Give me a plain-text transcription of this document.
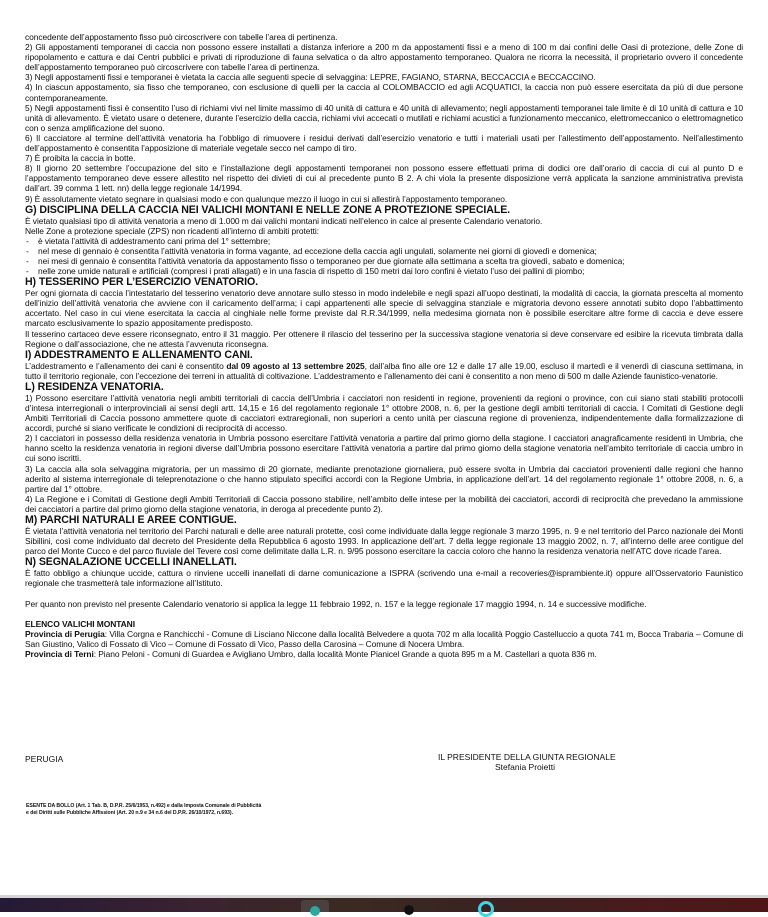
concedente dell’appostamento fisso può circoscrivere con tabelle l’area di pertinenza.

2) Gli appostamenti temporanei di caccia non possono essere installati a distanza inferiore a 200 m da appostamenti fissi e a meno di 100 m dai confini delle Oasi di protezione, delle Zone di ripopolamento e cattura e dai Centri pubblici e privati di riproduzione di fauna selvatica o da altro appostamento temporaneo. Qualora ne ricorra la necessità, il proprietario ovvero il concedente dell’appostamento temporaneo può circoscrivere con tabelle l’area di pertinenza.

3) Negli appostamenti fissi e temporanei è vietata la caccia alle seguenti specie di selvaggina: LEPRE, FAGIANO, STARNA, BECCACCIA e BECCACCINO.

4) In ciascun appostamento, sia fisso che temporaneo, con esclusione di quelli per la caccia al COLOMBACCIO ed agli ACQUATICI, la caccia non può essere esercitata da più di due persone contemporaneamente.

5) Negli appostamenti fissi è consentito l’uso di richiami vivi nel limite massimo di 40 unità di cattura e 40 unità di allevamento; negli appostamenti temporanei tale limite è di 10 unità di cattura e 10 unità di allevamento. È vietato usare o detenere, durante l’esercizio della caccia, richiami vivi accecati o mutilati e richiami acustici a funzionamento meccanico, elettromeccanico o elettromagnetico con o senza amplificazione del suono.

6) Il cacciatore al termine dell’attività venatoria ha l’obbligo di rimuovere i residui derivati dall’esercizio venatorio e tutti i materiali usati per l’allestimento dell’appostamento. Nell’allestimento dell’appostamento è consentita l’apposizione di materiale vegetale secco nel campo di tiro.

7) È proibita la caccia in botte.

8) Il giorno 20 settembre l’occupazione del sito e l’installazione degli appostamenti temporanei non possono essere effettuati prima di dodici ore dall’orario di caccia di cui al punto D e l’appostamento temporaneo deve essere allestito nel rispetto dei divieti di cui al precedente punto B 2. A chi viola la presente disposizione verrà applicata la sanzione amministrativa prevista dall’art. 39 comma 1 lett. nn) della legge regionale 14/1994.

9) È assolutamente vietato segnare in qualsiasi modo e con qualunque mezzo il luogo in cui si allestirà l’appostamento temporaneo.

G) DISCIPLINA DELLA CACCIA NEI VALICHI MONTANI E NELLE ZONE A PROTEZIONE SPECIALE.

È vietato qualsiasi tipo di attività venatoria a meno di 1.000 m dai valichi montani indicati nell’elenco in calce al presente Calendario venatorio.

Nelle Zone a protezione speciale (ZPS) non ricadenti all’interno di ambiti protetti:

- è vietata l’attività di addestramento cani prima del 1° settembre;
- nel mese di gennaio è consentita l’attività venatoria in forma vagante, ad eccezione della caccia agli ungulati, solamente nei giorni di giovedì e domenica;
- nei mesi di gennaio è consentita l’attività venatoria da appostamento fisso o temporaneo per due giornate alla settimana a scelta tra giovedì, sabato e domenica;
- nelle zone umide naturali e artificiali (compresi i prati allagati) e in una fascia di rispetto di 150 metri dai loro confini è vietato l’uso dei pallini di piombo;
H) TESSERINO PER L’ESERCIZIO VENATORIO.

Per ogni giornata di caccia l’intestatario del tesserino venatorio deve annotare sullo stesso in modo indelebile e negli spazi all’uopo destinati, la modalità di caccia, la giornata prescelta al momento dell’inizio dell’attività venatoria che avviene con il caricamento dell’arma; i capi appartenenti alle specie di selvaggina stanziale e migratoria devono essere annotati subito dopo l’abbattimento accertato. Nel caso in cui viene esercitata la caccia al cinghiale nelle forme previste dal R.R.34/1999, nella medesima giornata non è possibile esercitare altre forme di caccia e deve essere marcato esclusivamente lo spazio appositamente predisposto.

Il tesserino cartaceo deve essere riconsegnato, entro il 31 maggio. Per ottenere il rilascio del tesserino per la successiva stagione venatoria si deve conservare ed esibire la ricevuta timbrata dalla Regione o dall’associazione, che ne attesta l’avvenuta riconsegna.

I) ADDESTRAMENTO E ALLENAMENTO CANI.

L’addestramento e l’allenamento dei cani è consentito dal 09 agosto al 13 settembre 2025, dall’alba fino alle ore 12 e dalle 17 alle 19.00, escluso il martedì e il venerdì di ciascuna settimana, in tutto il territorio regionale, con l’eccezione dei terreni in attualità di coltivazione. L’addestramento e l’allenamento dei cani è consentito a non meno di 500 m dalle Aziende faunistico-venatorie.

L) RESIDENZA VENATORIA.

1) Possono esercitare l’attività venatoria negli ambiti territoriali di caccia dell’Umbria i cacciatori non residenti in regione, provenienti da regioni o province, con cui siano stati stabiliti protocolli d’intesa interregionali o interprovinciali ai sensi degli artt. 14,15 e 16 del regolamento regionale 1° ottobre 2008, n. 6, per la gestione degli ambiti territoriali di caccia. I Comitati di Gestione degli Ambiti Territoriali di Caccia possono ammettere quote di cacciatori extraregionali, non superiori a cento unità per ciascuna regione di provenienza, indipendentemente dalla formalizzazione di accordi, purché si siano verificate le condizioni di reciprocità di accesso.

2) I cacciatori in possesso della residenza venatoria in Umbria possono esercitare l’attività venatoria a partire dal primo giorno della stagione. I cacciatori anagraficamente residenti in Umbria, che hanno scelto la residenza venatoria in regioni diverse dall’Umbria possono esercitare l’attività venatoria a partire dal primo giorno della stagione venatoria nell’ambito territoriale di caccia umbro in cui sono iscritti.

3) La caccia alla sola selvaggina migratoria, per un massimo di 20 giornate, mediante prenotazione giornaliera, può essere svolta in Umbria dai cacciatori provenienti dalle regioni che hanno aderito al sistema interregionale di teleprenotazione o che hanno stipulato specifici accordi con la Regione Umbria, in applicazione dell’art. 14 del regolamento regionale 1° ottobre 2008, n. 6, a partire dal 1° ottobre.

4) La Regione e i Comitati di Gestione degli Ambiti Territoriali di Caccia possono stabilire, nell’ambito delle intese per la mobilità dei cacciatori, accordi di reciprocità che prevedano la ammissione dei cacciatori a partire dal primo giorno della stagione venatoria, in deroga al precedente punto 2).

M) PARCHI NATURALI E AREE CONTIGUE.

È vietata l’attività venatoria nel territorio dei Parchi naturali e delle aree naturali protette, così come individuate dalla legge regionale 3 marzo 1995, n. 9 e nel territorio del Parco nazionale dei Monti Sibillini, così come individuato dal decreto del Presidente della Repubblica 6 agosto 1993. In applicazione dell’art. 7 della legge regionale 13 maggio 2002, n. 7, all’interno delle aree contigue del parco del Monte Cucco e del parco fluviale del Tevere così come delimitate dalla L.R. n. 9/95 possono esercitare la caccia coloro che hanno la residenza venatoria nell’ATC dove ricade l’area.

N) SEGNALAZIONE UCCELLI INANELLATI.

È fatto obbligo a chiunque uccide, cattura o rinviene uccelli inanellati di darne comunicazione a ISPRA (scrivendo una e-mail a recoveries@isprambiente.it) oppure all’Osservatorio Faunistico regionale che trasmetterà tale informazione all’Istituto.

Per quanto non previsto nel presente Calendario venatorio si applica la legge 11 febbraio 1992, n. 157 e la legge regionale 17 maggio 1994, n. 14 e successive modifiche.

ELENCO VALICHI MONTANI

Provincia di Perugia: Villa Corgna e Ranchicchi - Comune di Lisciano Niccone dalla località Belvedere a quota 702 m alla località Poggio Castelluccio a quota 741 m, Bocca Trabaria – Comune di San Giustino, Valico di Fossato di Vico – Comune di Fossato di Vico, Passo della Carosina – Comune di Nocera Umbra.

Provincia di Terni: Piano Peloni - Comuni di Guardea e Avigliano Umbro, dalla località Monte Pianicel Grande a quota 895 m a M. Castellari a quota 836 m.

PERUGIA	IL PRESIDENTE DELLA GIUNTA REGIONALE
Stefania Proietti
ESENTE DA BOLLO (Art. 1 Tab. B, D.P.R. 25/6/1953, n.492) e dalla Imposta Comunale di Pubblicità
e dei Diritti sulle Pubbliche Affissioni (Art. 20 n.9 e 34 n.6 del D.P.R. 26/10/1972, n.693).
